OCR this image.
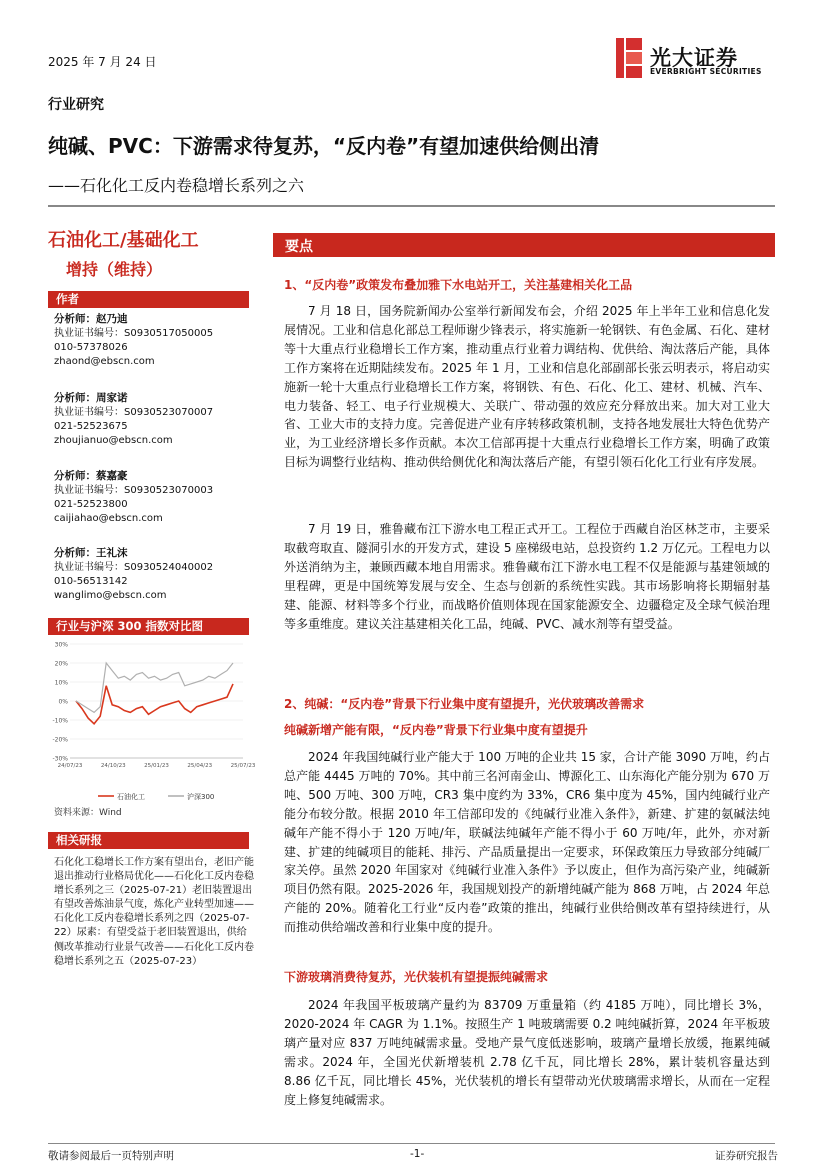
2025 年 7 月 24 日	光大证券
EVERBRIGHT SECURITIES
行业研究
纯碱、PVC：下游需求待复苏，“反内卷”有望加速供给侧出清
——石化化工反内卷稳增长系列之六
石油化工/基础化工
增持（维持）
作者
分析师：赵乃迪
执业证书编号：S0930517050005
010-57378026
zhaond@ebscn.com
分析师：周家诺
执业证书编号：S0930523070007
021-52523675
zhoujianuo@ebscn.com
分析师：蔡嘉豪
执业证书编号：S0930523070003
021-52523800
caijiahao@ebscn.com
分析师：王礼沫
执业证书编号：S0930524040002
010-56513142
wanglimo@ebscn.com
行业与沪深 300 指数对比图
-30%
-20%
-10%
0%
10%
20%
30%
24/07/23	24/10/23	25/01/23	25/04/23	25/07/23
石油化工	沪深300
资料来源：Wind
相关研报
石化化工稳增长工作方案有望出台，老旧产能退出推动行业格局优化——石化化工反内卷稳增长系列之三（2025-07-21）老旧装置退出有望改善炼油景气度，炼化产业转型加速——石化化工反内卷稳增长系列之四（2025-07-22）尿素：有望受益于老旧装置退出，供给侧改革推动行业景气改善——石化化工反内卷稳增长系列之五（2025-07-23）
要点
1、“反内卷”政策发布叠加雅下水电站开工，关注基建相关化工品

7 月 18 日，国务院新闻办公室举行新闻发布会，介绍 2025 年上半年工业和信息化发展情况。工业和信息化部总工程师谢少锋表示，将实施新一轮钢铁、有色金属、石化、建材等十大重点行业稳增长工作方案，推动重点行业着力调结构、优供给、淘汰落后产能，具体工作方案将在近期陆续发布。2025 年 1 月，工业和信息化部副部长张云明表示，将启动实施新一轮十大重点行业稳增长工作方案，将钢铁、有色、石化、化工、建材、机械、汽车、电力装备、轻工、电子行业规模大、关联广、带动强的效应充分释放出来。加大对工业大省、工业大市的支持力度。完善促进产业有序转移政策机制，支持各地发展壮大特色优势产业，为工业经济增长多作贡献。本次工信部再提十大重点行业稳增长工作方案，明确了政策目标为调整行业结构、推动供给侧优化和淘汰落后产能，有望引领石化化工行业有序发展。

7 月 19 日，雅鲁藏布江下游水电工程正式开工。工程位于西藏自治区林芝市，主要采取截弯取直、隧洞引水的开发方式，建设 5 座梯级电站，总投资约 1.2 万亿元。工程电力以外送消纳为主，兼顾西藏本地自用需求。雅鲁藏布江下游水电工程不仅是能源与基建领域的里程碑，更是中国统筹发展与安全、生态与创新的系统性实践。其市场影响将长期辐射基建、能源、材料等多个行业，而战略价值则体现在国家能源安全、边疆稳定及全球气候治理等多重维度。建议关注基建相关化工品，纯碱、PVC、减水剂等有望受益。

2、纯碱：“反内卷”背景下行业集中度有望提升，光伏玻璃改善需求
纯碱新增产能有限，“反内卷”背景下行业集中度有望提升

2024 年我国纯碱行业产能大于 100 万吨的企业共 15 家，合计产能 3090 万吨，约占总产能 4445 万吨的 70%。其中前三名河南金山、博源化工、山东海化产能分别为 670 万吨、500 万吨、300 万吨，CR3 集中度约为 33%，CR6 集中度为 45%，国内纯碱行业产能分布较分散。根据 2010 年工信部印发的《纯碱行业准入条件》，新建、扩建的氨碱法纯碱年产能不得小于 120 万吨/年，联碱法纯碱年产能不得小于 60 万吨/年，此外，亦对新建、扩建的纯碱项目的能耗、排污、产品质量提出一定要求，环保政策压力导致部分纯碱厂家关停。虽然 2020 年国家对《纯碱行业准入条件》予以废止，但作为高污染产业，纯碱新项目仍然有限。2025-2026 年，我国规划投产的新增纯碱产能为 868 万吨，占 2024 年总产能的 20%。随着化工行业“反内卷”政策的推出，纯碱行业供给侧改革有望持续进行，从而推动供给端改善和行业集中度的提升。

下游玻璃消费待复苏，光伏装机有望提振纯碱需求

2024 年我国平板玻璃产量约为 83709 万重量箱（约 4185 万吨），同比增长 3%，2020-2024 年 CAGR 为 1.1%。按照生产 1 吨玻璃需要 0.2 吨纯碱折算，2024 年平板玻璃产量对应 837 万吨纯碱需求量。受地产景气度低迷影响，玻璃产量增长放缓，拖累纯碱需求。2024 年，全国光伏新增装机 2.78 亿千瓦，同比增长 28%，累计装机容量达到 8.86 亿千瓦，同比增长 45%，光伏装机的增长有望带动光伏玻璃需求增长，从而在一定程度上修复纯碱需求。

敬请参阅最后一页特别声明	-1-	证券研究报告
